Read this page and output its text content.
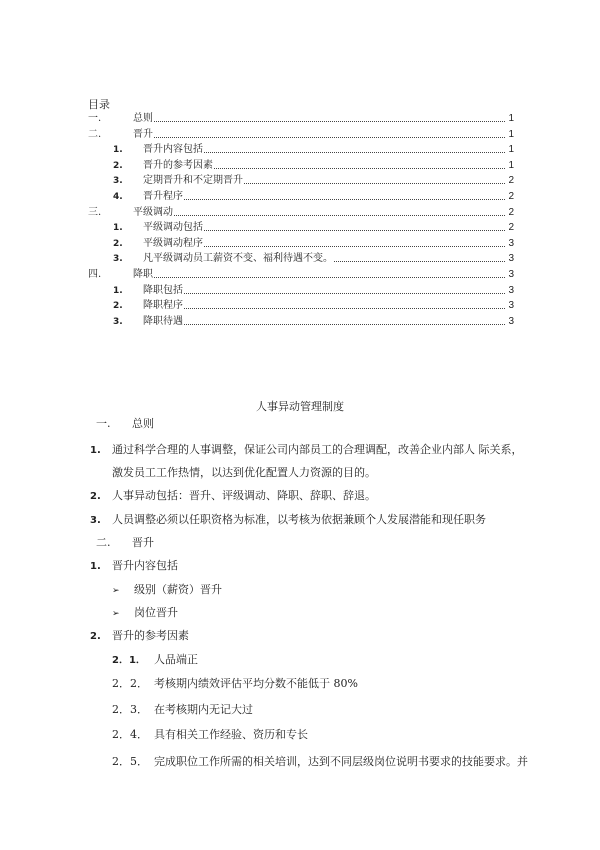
目录
一.	总则	1
二.	晋升	1
1.	晋升内容包括	1
2.	晋升的参考因素	1
3.	定期晋升和不定期晋升	2
4.	晋升程序	2
三.	平级调动	2
1.	平级调动包括	2
2.	平级调动程序	3
3.	凡平级调动员工薪资不变、福利待遇不变。	3
四.	降职	3
1.	降职包括	3
2.	降职程序	3
3.	降职待遇	3
人事异动管理制度
一. 总则
1. 通过科学合理的人事调整，保证公司内部员工的合理调配，改善企业内部人 际关系，
激发员工工作热情，以达到优化配置人力资源的目的。
2. 人事异动包括：晋升、评级调动、降职、辞职、辞退。
3. 人员调整必须以任职资格为标准，以考核为依据兼顾个人发展潜能和现任职务
二. 晋升
1. 晋升内容包括
➢ 级别（薪资）晋升
➢ 岗位晋升
2. 晋升的参考因素
2．1． 人品端正
2．2． 考核期内绩效评估平均分数不能低于 80%
2．3． 在考核期内无记大过
2．4． 具有相关工作经验、资历和专长
2．5． 完成职位工作所需的相关培训，达到不同层级岗位说明书要求的技能要求。并
